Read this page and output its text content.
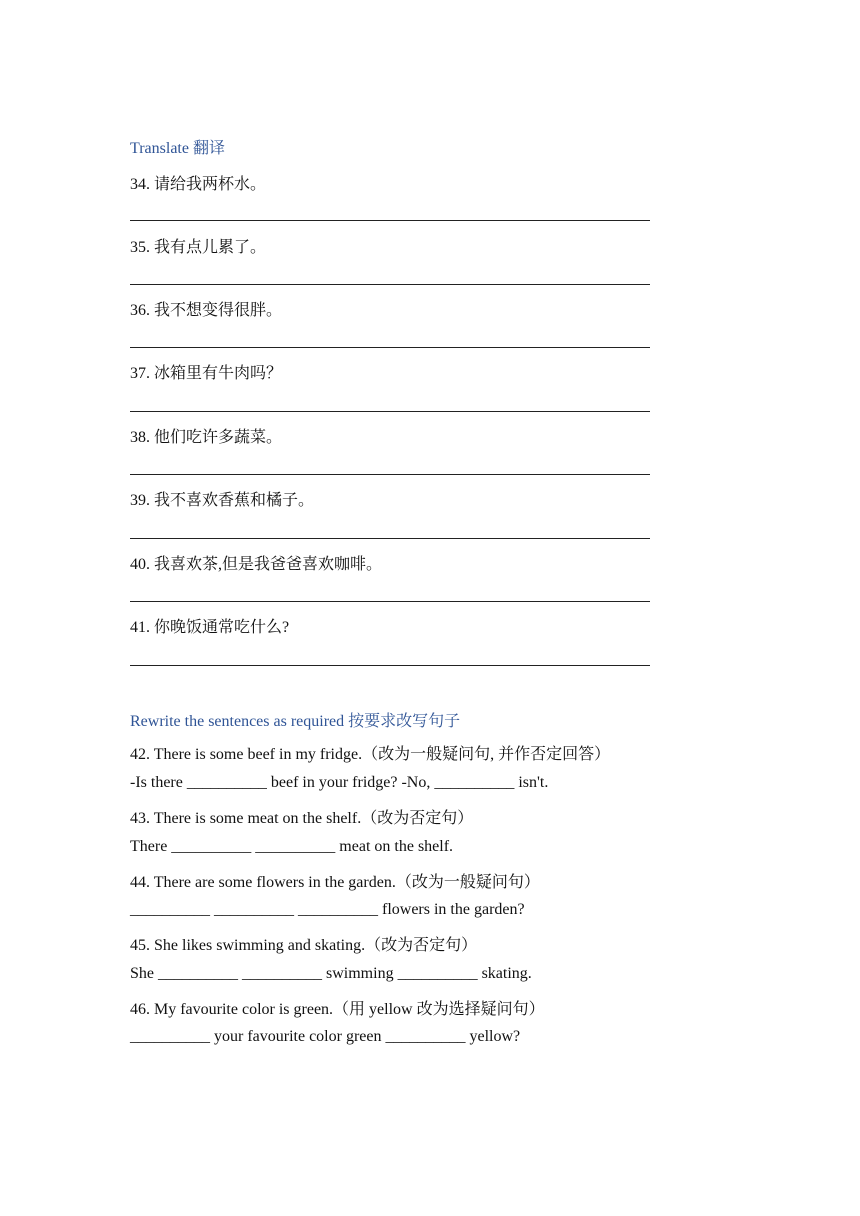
Translate 翻译
34. 请给我两杯水。
35. 我有点儿累了。
36. 我不想变得很胖。
37. 冰箱里有牛肉吗？
38. 他们吃许多蔬菜。
39. 我不喜欢香蕉和橘子。
40. 我喜欢茶,但是我爸爸喜欢咖啡。
41. 你晚饭通常吃什么?
Rewrite the sentences as required 按要求改写句子
42. There is some beef in my fridge.（改为一般疑问句, 并作否定回答）
-Is there __________ beef in your fridge? -No, __________ isn't.
43. There is some meat on the shelf.（改为否定句）
There __________ __________ meat on the shelf.
44. There are some flowers in the garden.（改为一般疑问句）
__________ __________ __________ flowers in the garden?
45. She likes swimming and skating.（改为否定句）
She __________ __________ swimming __________ skating.
46. My favourite color is green.（用 yellow 改为选择疑问句）
__________ your favourite color green __________ yellow?
